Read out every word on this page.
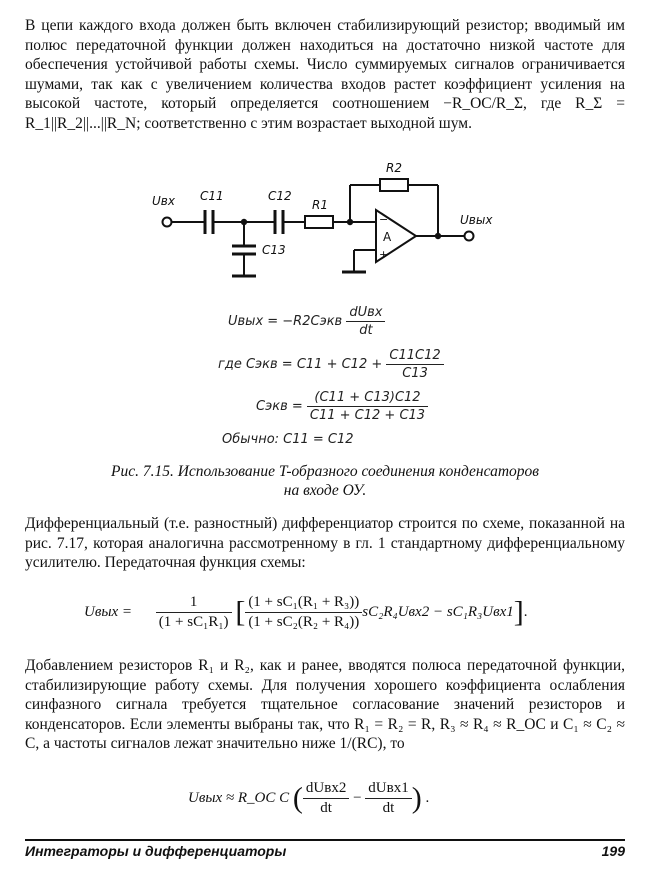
В цепи каждого входа должен быть включен стабилизирующий резистор; вводимый им полюс передаточной функции должен находиться на достаточно низкой частоте для обеспечения устойчивой работы схемы. Число суммируемых сигналов ограничивается шумами, так как с увеличением количества входов растет коэффициент усиления на высокой частоте, который определяется соотношением −R_OC/R_Σ, где R_Σ = R_1||R_2||...||R_N; соответственно с этим возрастает выходной шум.

Uвх
Uвых
C11	C12
C13
R1
R2
A
−
+
Uвых = −R2Cэкв $\frac{\text{dUвх}}{dt}$
где Cэкв = $C11 + C12 + \frac{C11C12}{C13}$
Cэкв = $\frac{(C11 + C13)C12}{C11 + C12 + C13}$
Обычно: C11 = C12
Рис. 7.15. Использование T-образного соединения конденсаторов
на входе ОУ.

Дифференциальный (т.е. разностный) дифференциатор строится по схеме, показанной на рис. 7.17, которая аналогична рассмотренному в гл. 1 стандартному дифференциальному усилителю. Передаточная функция схемы:

Uвых = $\frac{1}{\text{(1 + sC₁R₁)}}$ [ $\frac{\text{(1 + sC₁(R₁ + R₃))}}{\text{(1 + sC₂(R₂ + R₄))}} sC_2R_4Uвх2 - sC_1R_3Uвх1$].

Добавлением резисторов R₁ и R₂, как и ранее, вводятся полюса передаточной функции, стабилизирующие работу схемы. Для получения хорошего коэффициента ослабления синфазного сигнала требуется тщательное согласование значений резисторов и конденсаторов. Если элементы выбраны так, что R₁ = R₂ = R, R₃ ≈ R₄ ≈ R_OC и C₁ ≈ C₂ ≈ C, а частоты сигналов лежат значительно ниже 1/(RC), то

Uвых ≈ R_OC C ( $\frac{\text{dUвх2}}{dt} - \frac{\text{dUвх1}}{dt}$ ) .
Интеграторы и дифференциаторы	199
